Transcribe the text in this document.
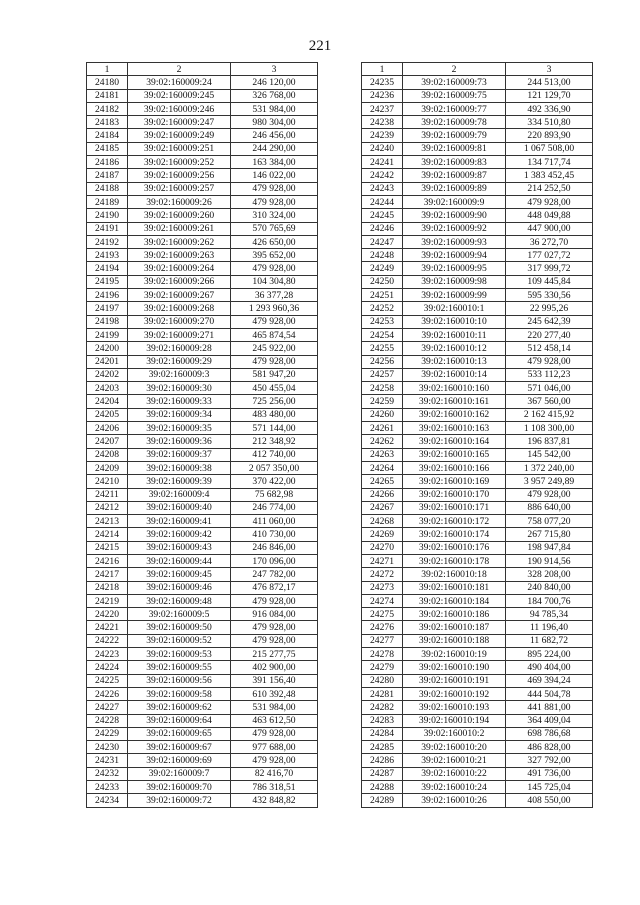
221
1	2	3
24180	39:02:160009:24	246 120,00
24181	39:02:160009:245	326 768,00
24182	39:02:160009:246	531 984,00
24183	39:02:160009:247	980 304,00
24184	39:02:160009:249	246 456,00
24185	39:02:160009:251	244 290,00
24186	39:02:160009:252	163 384,00
24187	39:02:160009:256	146 022,00
24188	39:02:160009:257	479 928,00
24189	39:02:160009:26	479 928,00
24190	39:02:160009:260	310 324,00
24191	39:02:160009:261	570 765,69
24192	39:02:160009:262	426 650,00
24193	39:02:160009:263	395 652,00
24194	39:02:160009:264	479 928,00
24195	39:02:160009:266	104 304,80
24196	39:02:160009:267	36 377,28
24197	39:02:160009:268	1 293 960,36
24198	39:02:160009:270	479 928,00
24199	39:02:160009:271	465 874,54
24200	39:02:160009:28	245 922,00
24201	39:02:160009:29	479 928,00
24202	39:02:160009:3	581 947,20
24203	39:02:160009:30	450 455,04
24204	39:02:160009:33	725 256,00
24205	39:02:160009:34	483 480,00
24206	39:02:160009:35	571 144,00
24207	39:02:160009:36	212 348,92
24208	39:02:160009:37	412 740,00
24209	39:02:160009:38	2 057 350,00
24210	39:02:160009:39	370 422,00
24211	39:02:160009:4	75 682,98
24212	39:02:160009:40	246 774,00
24213	39:02:160009:41	411 060,00
24214	39:02:160009:42	410 730,00
24215	39:02:160009:43	246 846,00
24216	39:02:160009:44	170 096,00
24217	39:02:160009:45	247 782,00
24218	39:02:160009:46	476 872,17
24219	39:02:160009:48	479 928,00
24220	39:02:160009:5	916 084,00
24221	39:02:160009:50	479 928,00
24222	39:02:160009:52	479 928,00
24223	39:02:160009:53	215 277,75
24224	39:02:160009:55	402 900,00
24225	39:02:160009:56	391 156,40
24226	39:02:160009:58	610 392,48
24227	39:02:160009:62	531 984,00
24228	39:02:160009:64	463 612,50
24229	39:02:160009:65	479 928,00
24230	39:02:160009:67	977 688,00
24231	39:02:160009:69	479 928,00
24232	39:02:160009:7	82 416,70
24233	39:02:160009:70	786 318,51
24234	39:02:160009:72	432 848,82
1	2	3
24235	39:02:160009:73	244 513,00
24236	39:02:160009:75	121 129,70
24237	39:02:160009:77	492 336,90
24238	39:02:160009:78	334 510,80
24239	39:02:160009:79	220 893,90
24240	39:02:160009:81	1 067 508,00
24241	39:02:160009:83	134 717,74
24242	39:02:160009:87	1 383 452,45
24243	39:02:160009:89	214 252,50
24244	39:02:160009:9	479 928,00
24245	39:02:160009:90	448 049,88
24246	39:02:160009:92	447 900,00
24247	39:02:160009:93	36 272,70
24248	39:02:160009:94	177 027,72
24249	39:02:160009:95	317 999,72
24250	39:02:160009:98	109 445,84
24251	39:02:160009:99	595 330,56
24252	39:02:160010:1	22 995,26
24253	39:02:160010:10	245 642,39
24254	39:02:160010:11	220 277,40
24255	39:02:160010:12	512 458,14
24256	39:02:160010:13	479 928,00
24257	39:02:160010:14	533 112,23
24258	39:02:160010:160	571 046,00
24259	39:02:160010:161	367 560,00
24260	39:02:160010:162	2 162 415,92
24261	39:02:160010:163	1 108 300,00
24262	39:02:160010:164	196 837,81
24263	39:02:160010:165	145 542,00
24264	39:02:160010:166	1 372 240,00
24265	39:02:160010:169	3 957 249,89
24266	39:02:160010:170	479 928,00
24267	39:02:160010:171	886 640,00
24268	39:02:160010:172	758 077,20
24269	39:02:160010:174	267 715,80
24270	39:02:160010:176	198 947,84
24271	39:02:160010:178	190 914,56
24272	39:02:160010:18	328 208,00
24273	39:02:160010:181	240 840,00
24274	39:02:160010:184	184 700,76
24275	39:02:160010:186	94 785,34
24276	39:02:160010:187	11 196,40
24277	39:02:160010:188	11 682,72
24278	39:02:160010:19	895 224,00
24279	39:02:160010:190	490 404,00
24280	39:02:160010:191	469 394,24
24281	39:02:160010:192	444 504,78
24282	39:02:160010:193	441 881,00
24283	39:02:160010:194	364 409,04
24284	39:02:160010:2	698 786,68
24285	39:02:160010:20	486 828,00
24286	39:02:160010:21	327 792,00
24287	39:02:160010:22	491 736,00
24288	39:02:160010:24	145 725,04
24289	39:02:160010:26	408 550,00
